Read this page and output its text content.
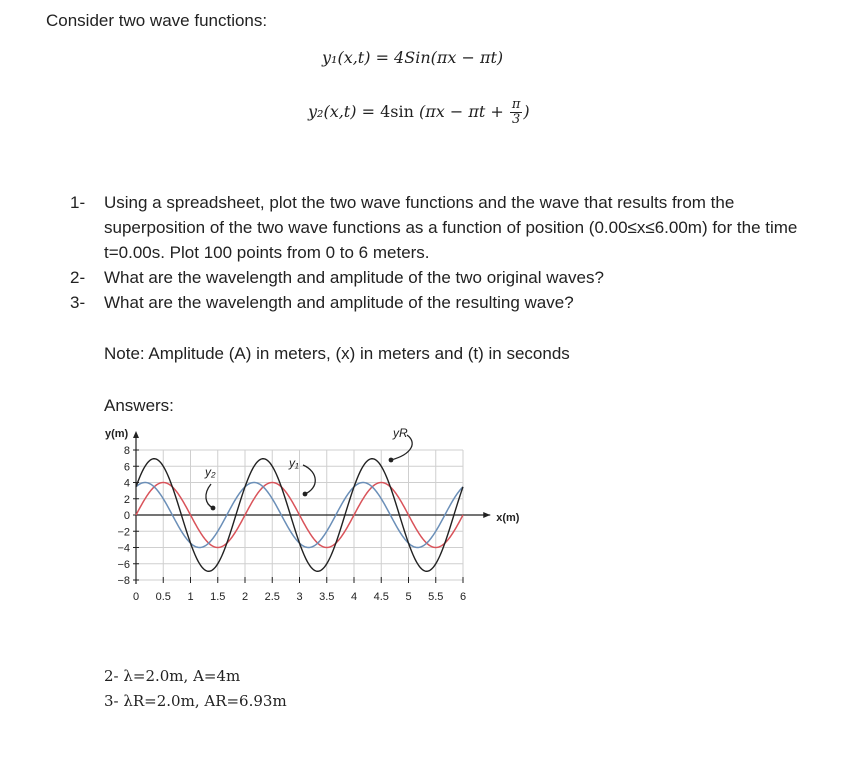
Consider two wave functions:
y₁(x,t) = 4Sin(πx − πt)
y₂(x,t) = 4sin ($\pi x - \pi t + \frac{\pi}{3}$ )
1-	Using a spreadsheet, plot the two wave functions and the wave that results from the superposition of the two wave functions as a function of position (0.00≤x≤6.00m) for the time t=0.00s. Plot 100 points from 0 to 6 meters.
2-	What are the wavelength and amplitude of the two original waves?
3-	What are the wavelength and amplitude of the resulting wave?
Note: Amplitude (A) in meters, (x) in meters and (t) in seconds
Answers:
0 0.5 1 1.5 2 2.5 3 3.5 4 4.5 5 5.5 6
8
6
4
2
0
−2
−4
−6
−8
y(m)
x(m)
y₂
y₁
yR
2- λ=2.0m, A=4m
3- λR=2.0m, AR=6.93m
